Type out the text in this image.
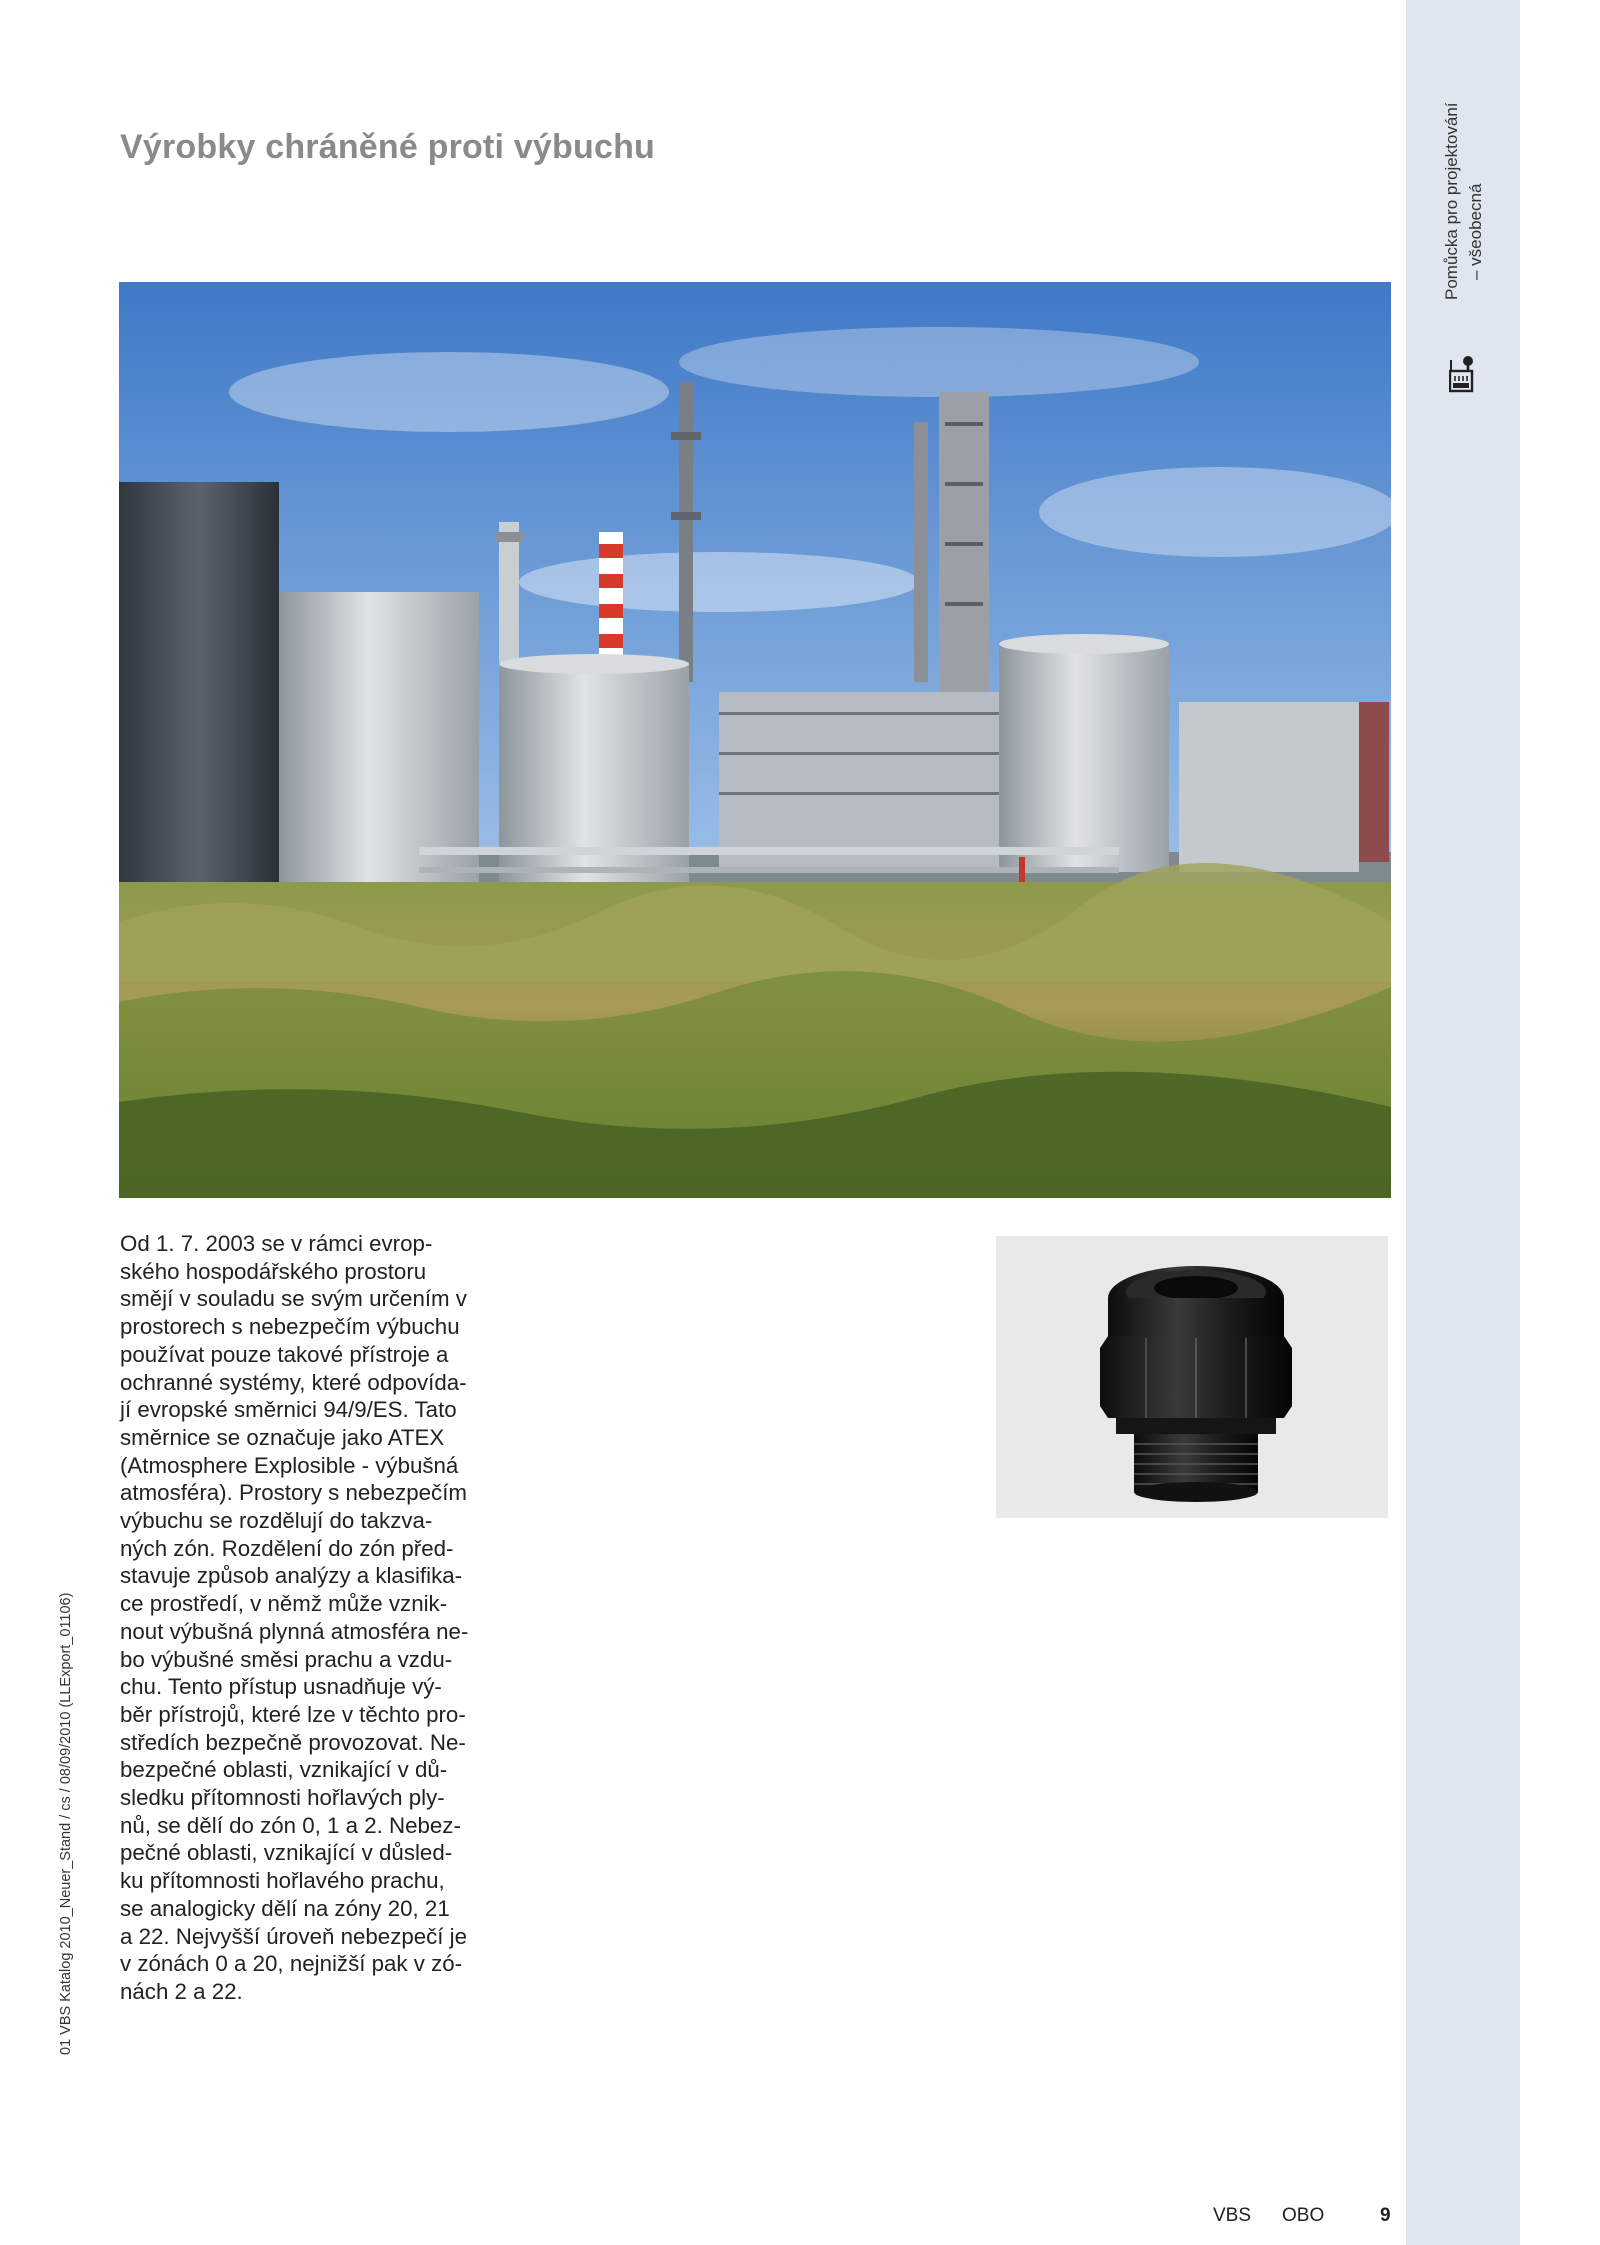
Pomůcka pro projektování – všeobecná
Výrobky chráněné proti výbuchu
Od 1. 7. 2003 se v rámci evrop-
ského hospodářského prostoru
smějí v souladu se svým určením v
prostorech s nebezpečím výbuchu
používat pouze takové přístroje a
ochranné systémy, které odpovída-
jí evropské směrnici 94/9/ES. Tato
směrnice se označuje jako ATEX
(Atmosphere Explosible - výbušná
atmosféra). Prostory s nebezpečím
výbuchu se rozdělují do takzva-
ných zón. Rozdělení do zón před-
stavuje způsob analýzy a klasifika-
ce prostředí, v němž může vznik-
nout výbušná plynná atmosféra ne-
bo výbušné směsi prachu a vzdu-
chu. Tento přístup usnadňuje vý-
běr přístrojů, které lze v těchto pro-
středích bezpečně provozovat. Ne-
bezpečné oblasti, vznikající v dů-
sledku přítomnosti hořlavých ply-
nů, se dělí do zón 0, 1 a 2. Nebez-
pečné oblasti, vznikající v důsled-
ku přítomnosti hořlavého prachu,
se analogicky dělí na zóny 20, 21
a 22. Nejvyšší úroveň nebezpečí je
v zónách 0 a 20, nejnižší pak v zó-
nách 2 a 22.
01 VBS Katalog 2010_Neuer_Stand / cs / 08/09/2010 (LLExport_01106)
VBS OBO	9
